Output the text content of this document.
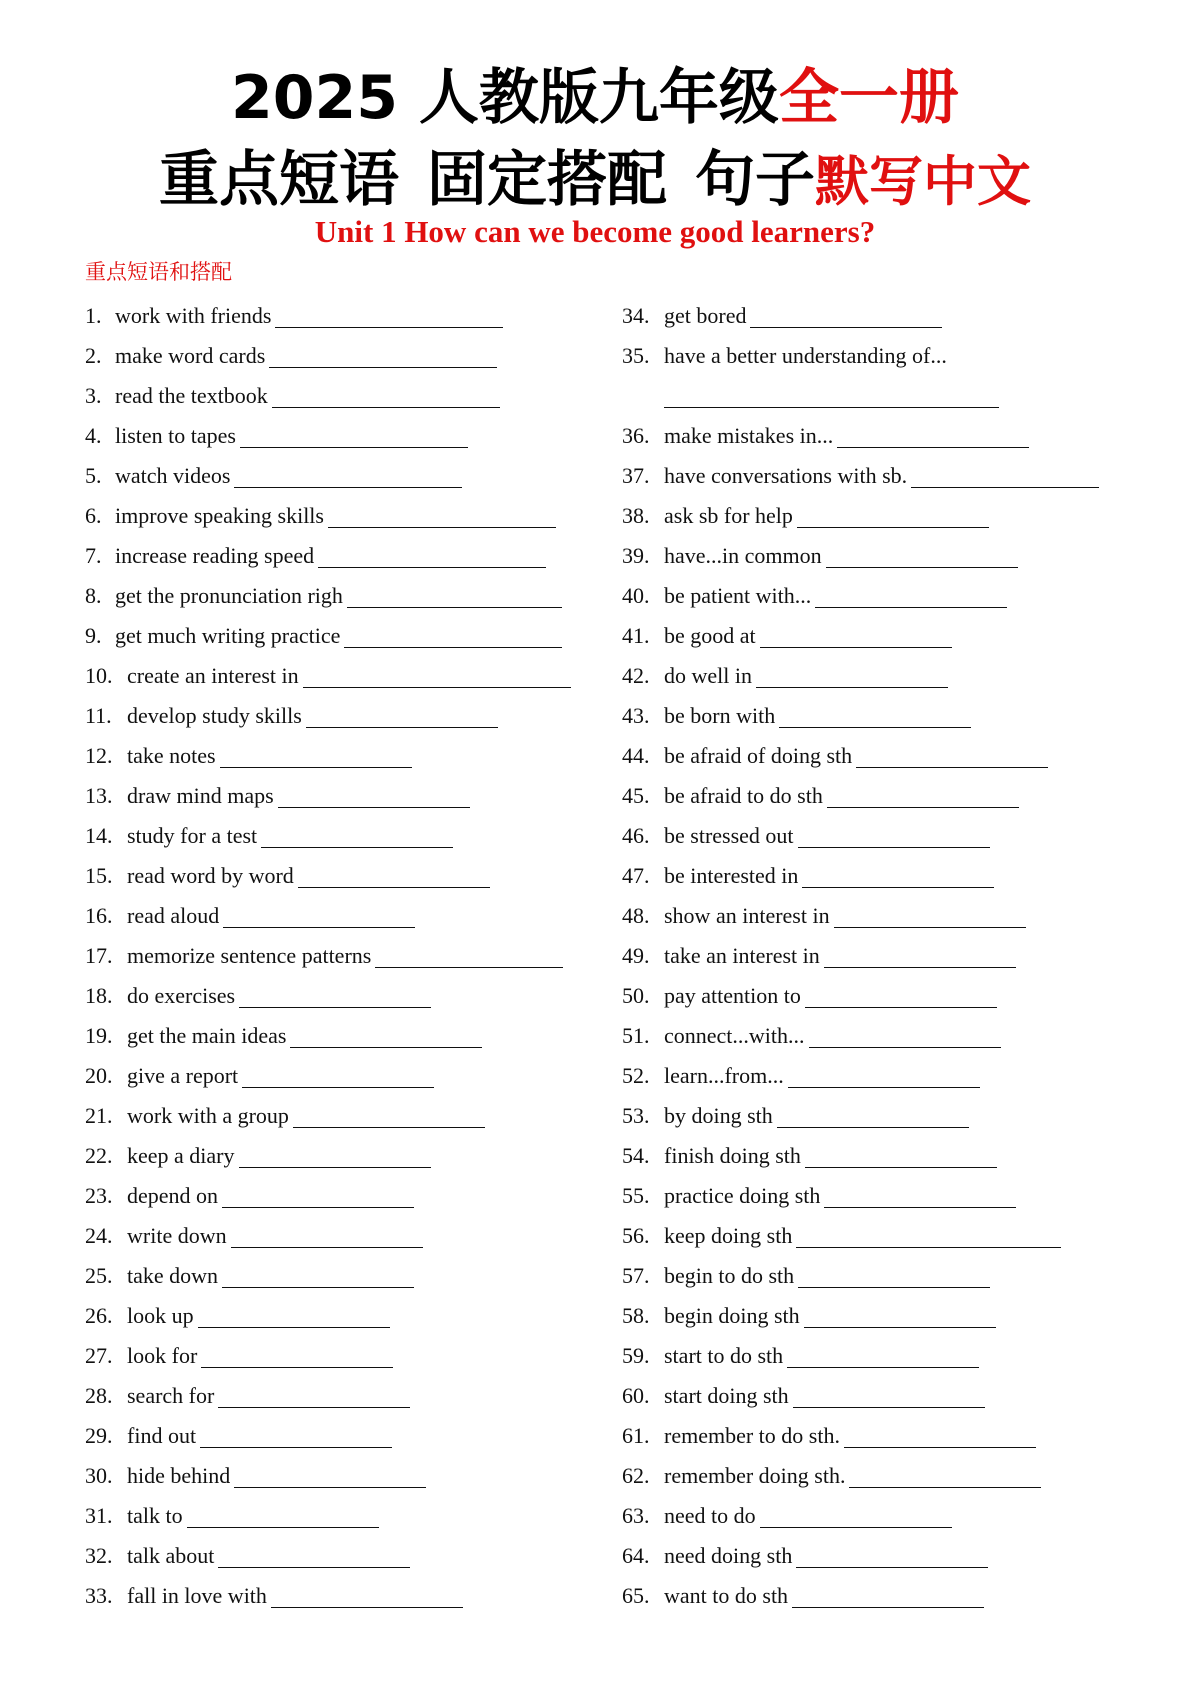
2025 人教版九年级全一册
重点短语 固定搭配 句子默写中文
Unit 1 How can we become good learners?
重点短语和搭配
1. work with friends
2. make word cards
3. read the textbook
4. listen to tapes
5. watch videos
6. improve speaking skills
7. increase reading speed
8. get the pronunciation righ
9. get much writing practice
10. create an interest in
11. develop study skills
12. take notes
13. draw mind maps
14. study for a test
15. read word by word
16. read aloud
17. memorize sentence patterns
18. do exercises
19. get the main ideas
20. give a report
21. work with a group
22. keep a diary
23. depend on
24. write down
25. take down
26. look up
27. look for
28. search for
29. find out
30. hide behind
31. talk to
32. talk about
33. fall in love with
34. get bored
35. have a better understanding of...
36. make mistakes in...
37. have conversations with sb.
38. ask sb for help
39. have...in common
40. be patient with...
41. be good at
42. do well in
43. be born with
44. be afraid of doing sth
45. be afraid to do sth
46. be stressed out
47. be interested in
48. show an interest in
49. take an interest in
50. pay attention to
51. connect...with...
52. learn...from...
53. by doing sth
54. finish doing sth
55. practice doing sth
56. keep doing sth
57. begin to do sth
58. begin doing sth
59. start to do sth
60. start doing sth
61. remember to do sth.
62. remember doing sth.
63. need to do
64. need doing sth
65. want to do sth
